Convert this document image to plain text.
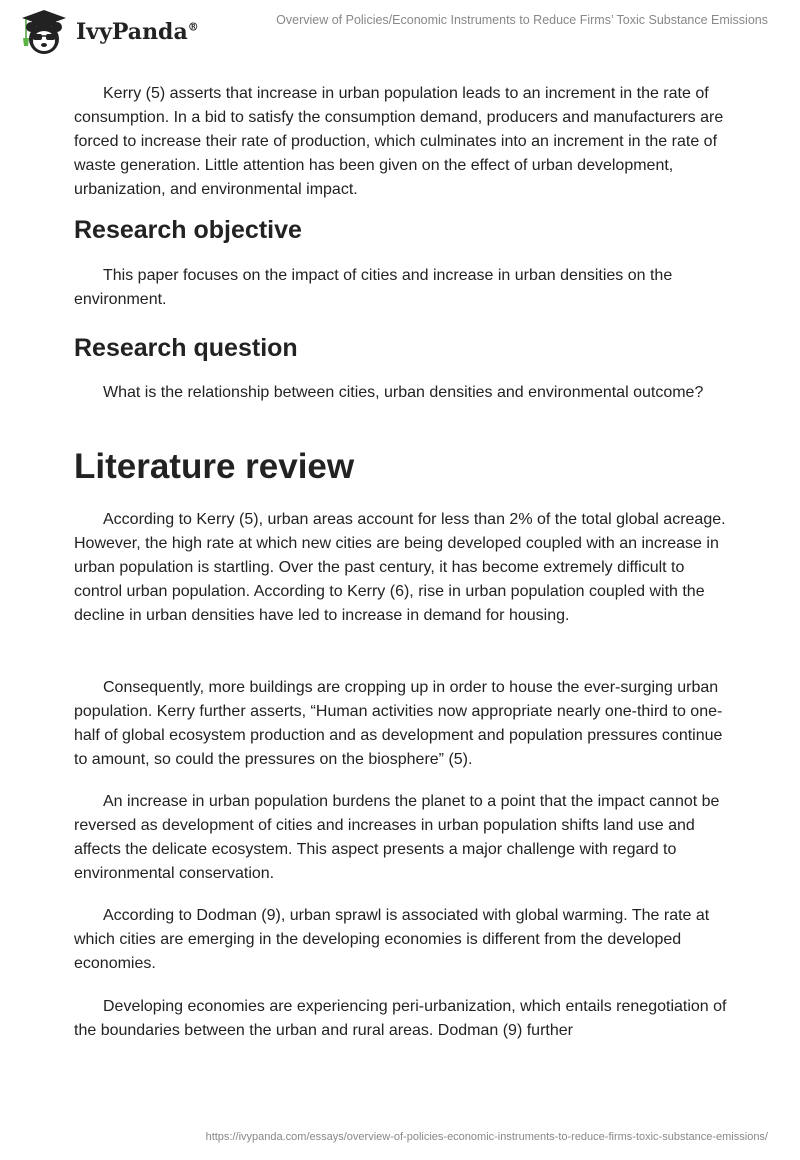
IvyPanda®
Overview of Policies/Economic Instruments to Reduce Firms’ Toxic Substance Emissions

Kerry (5) asserts that increase in urban population leads to an increment in the rate of consumption. In a bid to satisfy the consumption demand, producers and manufacturers are forced to increase their rate of production, which culminates into an increment in the rate of waste generation. Little attention has been given on the effect of urban development, urbanization, and environmental impact.

Research objective

This paper focuses on the impact of cities and increase in urban densities on the environment.

Research question

What is the relationship between cities, urban densities and environmental outcome?

Literature review

According to Kerry (5), urban areas account for less than 2% of the total global acreage. However, the high rate at which new cities are being developed coupled with an increase in urban population is startling. Over the past century, it has become extremely difficult to control urban population. According to Kerry (6), rise in urban population coupled with the decline in urban densities have led to increase in demand for housing.

Consequently, more buildings are cropping up in order to house the ever-surging urban population. Kerry further asserts, “Human activities now appropriate nearly one-third to one-half of global ecosystem production and as development and population pressures continue to amount, so could the pressures on the biosphere” (5).

An increase in urban population burdens the planet to a point that the impact cannot be reversed as development of cities and increases in urban population shifts land use and affects the delicate ecosystem. This aspect presents a major challenge with regard to environmental conservation.

According to Dodman (9), urban sprawl is associated with global warming. The rate at which cities are emerging in the developing economies is different from the developed economies.

Developing economies are experiencing peri-urbanization, which entails renegotiation of the boundaries between the urban and rural areas. Dodman (9) further

https://ivypanda.com/essays/overview-of-policies-economic-instruments-to-reduce-firms-toxic-substance-emissions/
